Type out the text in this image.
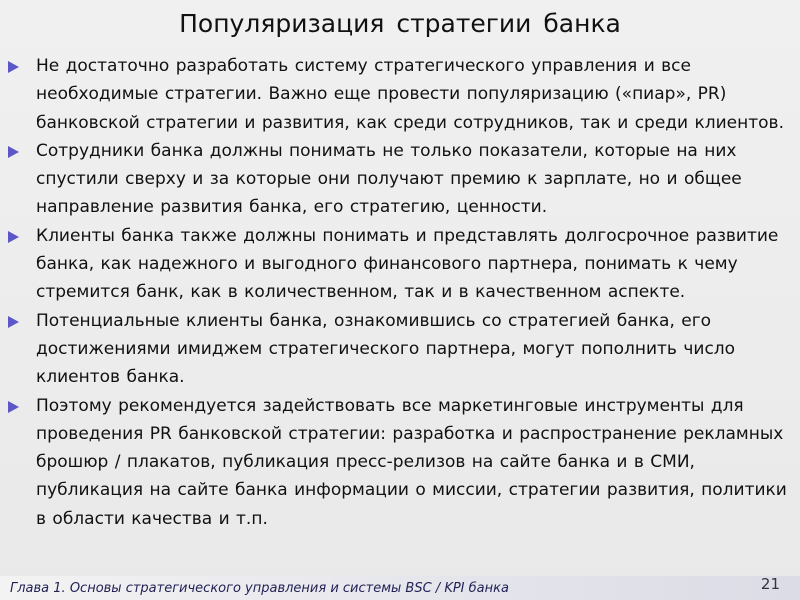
Популяризация стратегии банка
Не достаточно разработать систему стратегического управления и все необходимые стратегии. Важно еще провести популяризацию («пиар», PR) банковской стратегии и развития, как среди сотрудников, так и среди клиентов.
Сотрудники банка должны понимать не только показатели, которые на них спустили сверху и за которые они получают премию к зарплате, но и общее направление развития банка, его стратегию, ценности.
Клиенты банка также должны понимать и представлять долгосрочное развитие банка, как надежного и выгодного финансового партнера, понимать к чему стремится банк, как в количественном, так и в качественном аспекте.
Потенциальные клиенты банка, ознакомившись со стратегией банка, его достижениями имиджем стратегического партнера, могут пополнить число клиентов банка.
Поэтому рекомендуется задействовать все маркетинговые инструменты для проведения PR банковской стратегии: разработка и распространение рекламных брошюр / плакатов, публикация пресс-релизов на сайте банка и в СМИ, публикация на сайте банка информации о миссии, стратегии развития, политики в области качества и т.п.
Глава 1. Основы стратегического управления и системы BSC / KPI банка	21
